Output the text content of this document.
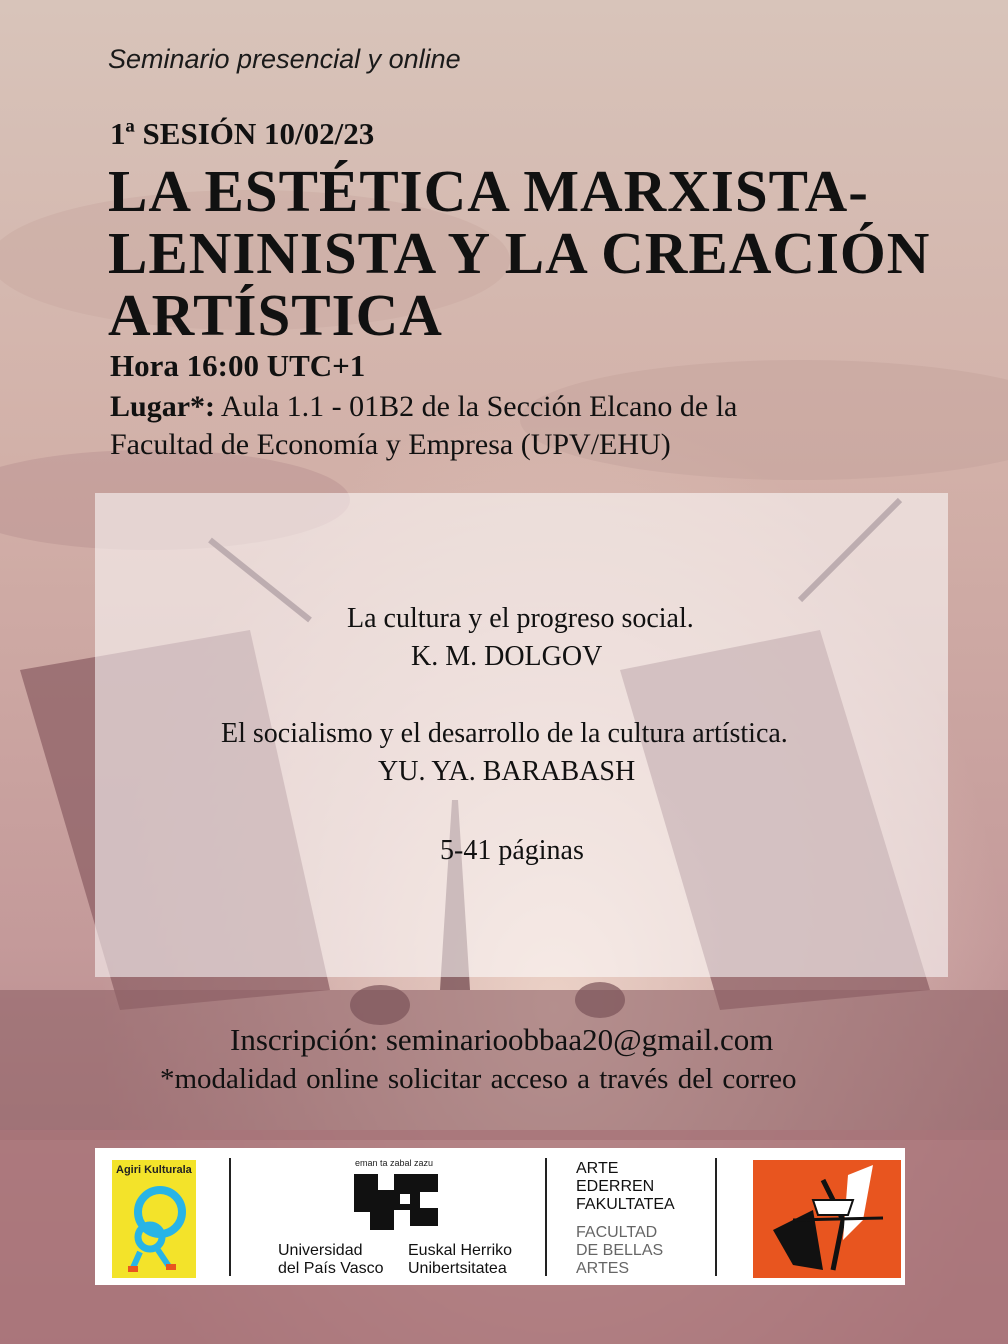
Seminario presencial y online
1ª SESIÓN 10/02/23
LA ESTÉTICA MARXISTA-
LENINISTA Y LA CREACIÓN
ARTÍSTICA
Hora 16:00 UTC+1
Lugar*: Aula 1.1 - 01B2 de la Sección Elcano de la
Facultad de Economía y Empresa (UPV/EHU)
La cultura y el progreso social.
K. M. DOLGOV
El socialismo y el desarrollo de la cultura artística.
YU. YA. BARABASH
5-41 páginas
Inscripción: seminarioobbaa20@gmail.com
*modalidad online solicitar acceso a través del correo
Agiri Kulturala
eman ta zabal zazu
Universidad
del País Vasco
Euskal Herriko
Unibertsitatea
ARTE
EDERREN
FAKULTATEA
FACULTAD
DE BELLAS
ARTES
